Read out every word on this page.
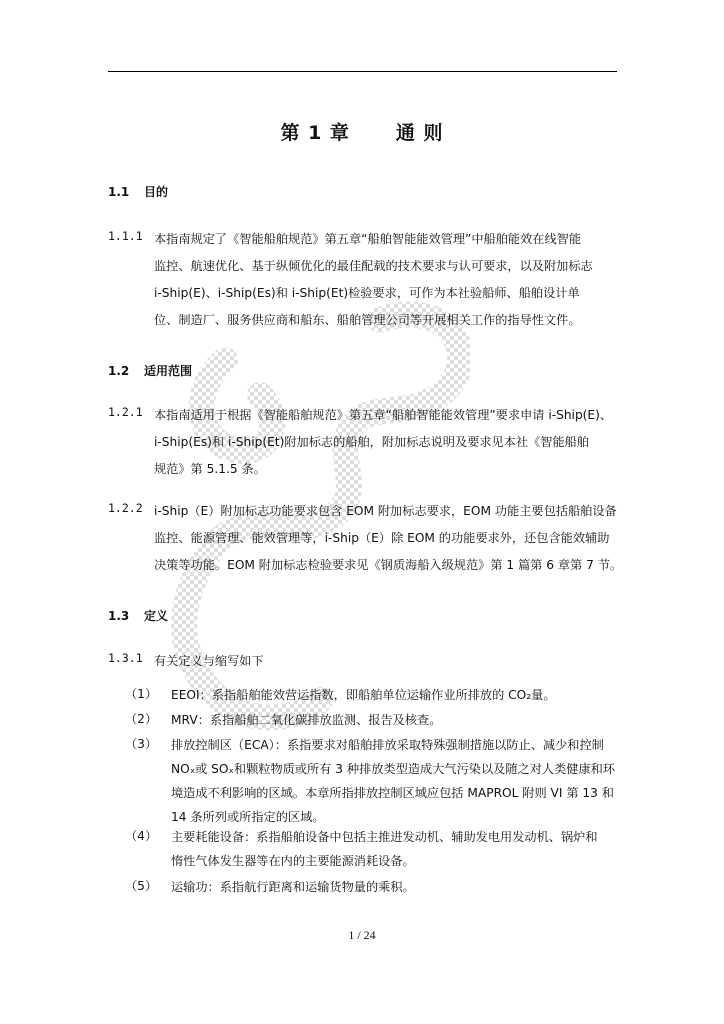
第 1 章 通 则
1.1 目的
1.1.1 本指南规定了《智能船舶规范》第五章“船舶智能能效管理”中船舶能效在线智能
监控、航速优化、基于纵倾优化的最佳配载的技术要求与认可要求，以及附加标志
i-Ship(E)、i-Ship(Es)和 i-Ship(Et)检验要求，可作为本社验船师、船舶设计单
位、制造厂、服务供应商和船东、船舶管理公司等开展相关工作的指导性文件。
1.2 适用范围
1.2.1 本指南适用于根据《智能船舶规范》第五章“船舶智能能效管理”要求申请 i-Ship(E)、
i-Ship(Es)和 i-Ship(Et)附加标志的船舶，附加标志说明及要求见本社《智能船舶
规范》第 5.1.5 条。
1.2.2 i-Ship（E）附加标志功能要求包含 EOM 附加标志要求，EOM 功能主要包括船舶设备
监控、能源管理、能效管理等，i-Ship（E）除 EOM 的功能要求外，还包含能效辅助
决策等功能。EOM 附加标志检验要求见《钢质海船入级规范》第 1 篇第 6 章第 7 节。
1.3 定义
1.3.1 有关定义与缩写如下
（1）	EEOI：系指船舶能效营运指数，即船舶单位运输作业所排放的 CO₂量。
（2）	MRV：系指船舶二氧化碳排放监测、报告及核查。
（3）	排放控制区（ECA）：系指要求对船舶排放采取特殊强制措施以防止、减少和控制
NOₓ或 SOₓ和颗粒物质或所有 3 种排放类型造成大气污染以及随之对人类健康和环
境造成不利影响的区域。本章所指排放控制区域应包括 MAPROL 附则 VI 第 13 和
14 条所列或所指定的区域。
（4）	主要耗能设备：系指船舶设备中包括主推进发动机、辅助发电用发动机、锅炉和
惰性气体发生器等在内的主要能源消耗设备。
（5）	运输功：系指航行距离和运输货物量的乘积。
1 / 24
